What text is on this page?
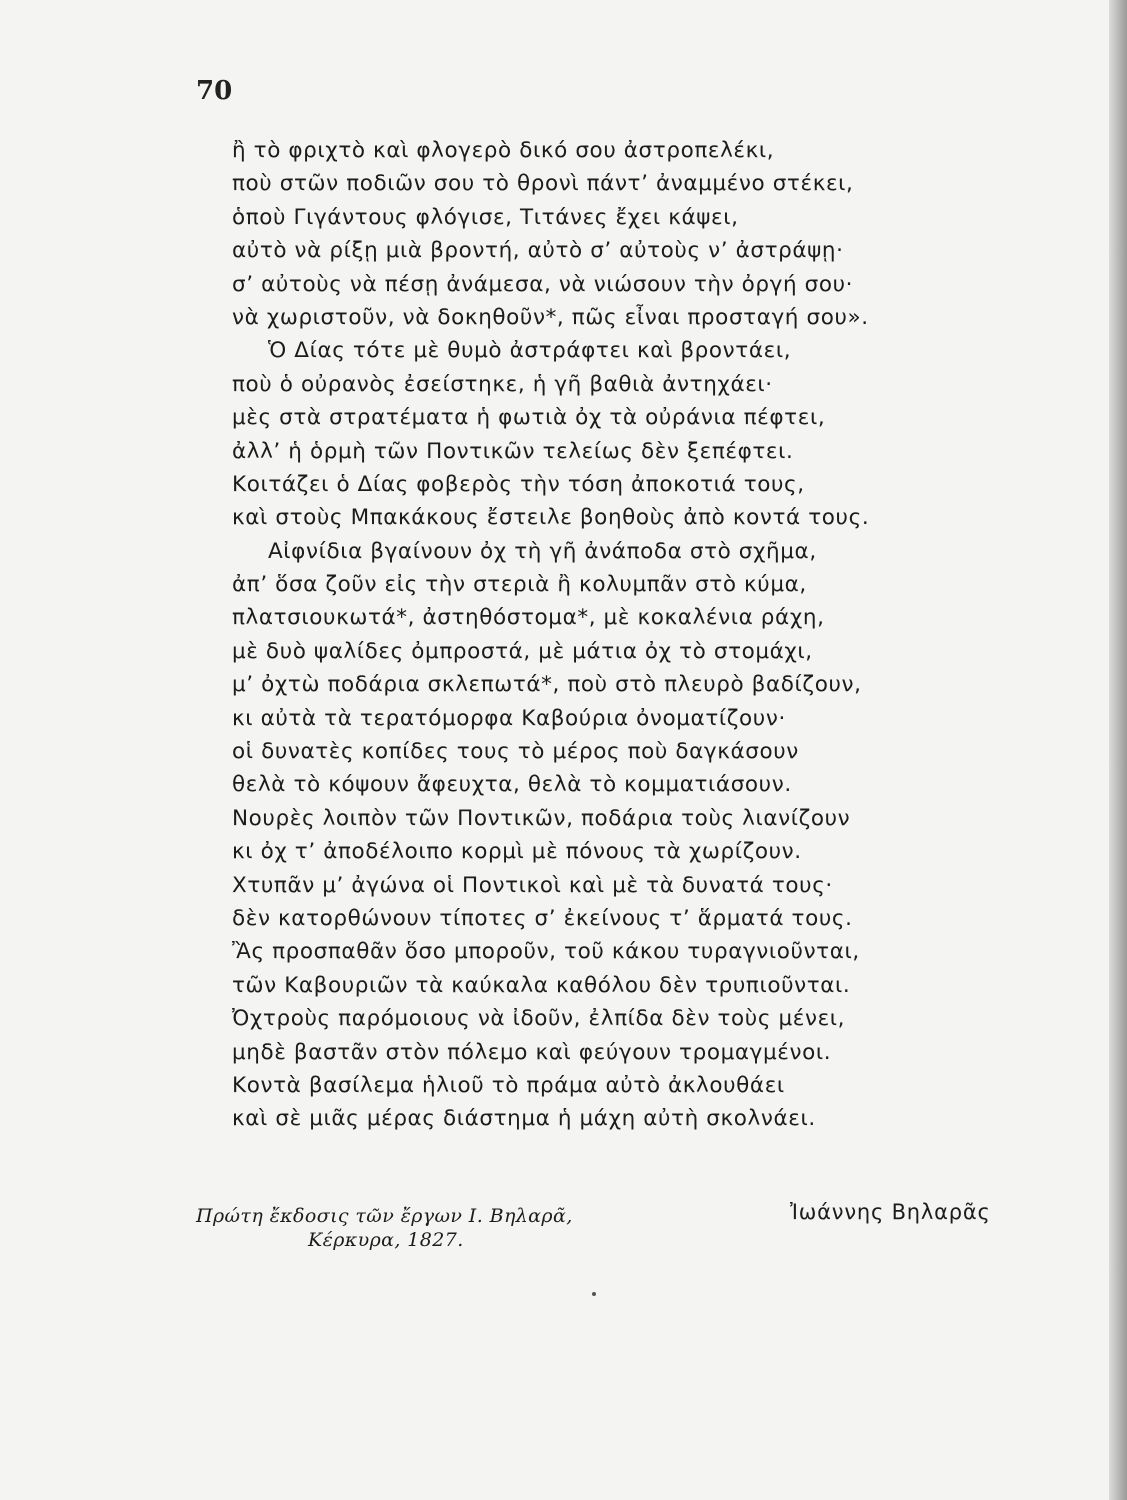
70
ἢ τὸ φριχτὸ καὶ φλογερὸ δικό σου ἀστροπελέκι,
ποὺ στῶν ποδιῶν σου τὸ θρονὶ πάντ’ ἀναμμένο στέκει,
ὁποὺ Γιγάντους φλόγισε, Τιτάνες ἔχει κάψει,
αὐτὸ νὰ ρίξῃ μιὰ βροντή, αὐτὸ σ’ αὐτοὺς ν’ ἀστράψῃ·
σ’ αὐτοὺς νὰ πέσῃ ἀνάμεσα, νὰ νιώσουν τὴν ὀργή σου·
νὰ χωριστοῦν, νὰ δοκηθοῦν*, πῶς εἶναι προσταγή σου».
Ὁ Δίας τότε μὲ θυμὸ ἀστράφτει καὶ βροντάει,
ποὺ ὁ οὐρανὸς ἐσείστηκε, ἡ γῆ βαθιὰ ἀντηχάει·
μὲς στὰ στρατέματα ἡ φωτιὰ ὀχ τὰ οὐράνια πέφτει,
ἀλλ’ ἡ ὁρμὴ τῶν Ποντικῶν τελείως δὲν ξεπέφτει.
Κοιτάζει ὁ Δίας φοβερὸς τὴν τόση ἀποκοτιά τους,
καὶ στοὺς Μπακάκους ἔστειλε βοηθοὺς ἀπὸ κοντά τους.
Αἰφνίδια βγαίνουν ὀχ τὴ γῆ ἀνάποδα στὸ σχῆμα,
ἀπ’ ὅσα ζοῦν εἰς τὴν στεριὰ ἢ κολυμπᾶν στὸ κύμα,
πλατσιουκωτά*, ἀστηθόστομα*, μὲ κοκαλένια ράχη,
μὲ δυὸ ψαλίδες ὀμπροστά, μὲ μάτια ὀχ τὸ στομάχι,
μ’ ὀχτὼ ποδάρια σκλεπωτά*, ποὺ στὸ πλευρὸ βαδίζουν,
κι αὐτὰ τὰ τερατόμορφα Καβούρια ὀνοματίζουν·
οἱ δυνατὲς κοπίδες τους τὸ μέρος ποὺ δαγκάσουν
θελὰ τὸ κόψουν ἄφευχτα, θελὰ τὸ κομματιάσουν.
Νουρὲς λοιπὸν τῶν Ποντικῶν, ποδάρια τοὺς λιανίζουν
κι ὀχ τ’ ἀποδέλοιπο κορμὶ μὲ πόνους τὰ χωρίζουν.
Χτυπᾶν μ’ ἀγώνα οἱ Ποντικοὶ καὶ μὲ τὰ δυνατά τους·
δὲν κατορθώνουν τίποτες σ’ ἐκείνους τ’ ἅρματά τους.
Ἂς προσπαθᾶν ὅσο μποροῦν, τοῦ κάκου τυραγνιοῦνται,
τῶν Καβουριῶν τὰ καύκαλα καθόλου δὲν τρυπιοῦνται.
Ὀχτροὺς παρόμοιους νὰ ἰδοῦν, ἐλπίδα δὲν τοὺς μένει,
μηδὲ βαστᾶν στὸν πόλεμο καὶ φεύγουν τρομαγμένοι.
Κοντὰ βασίλεμα ἡλιοῦ τὸ πράμα αὐτὸ ἀκλουθάει
καὶ σὲ μιᾶς μέρας διάστημα ἡ μάχη αὐτὴ σκολνάει.
Πρώτη ἔκδοσις τῶν ἔργων Ι. Βηλαρᾶ,
Κέρκυρα, 1827.
Ἰωάννης Βηλαρᾶς
